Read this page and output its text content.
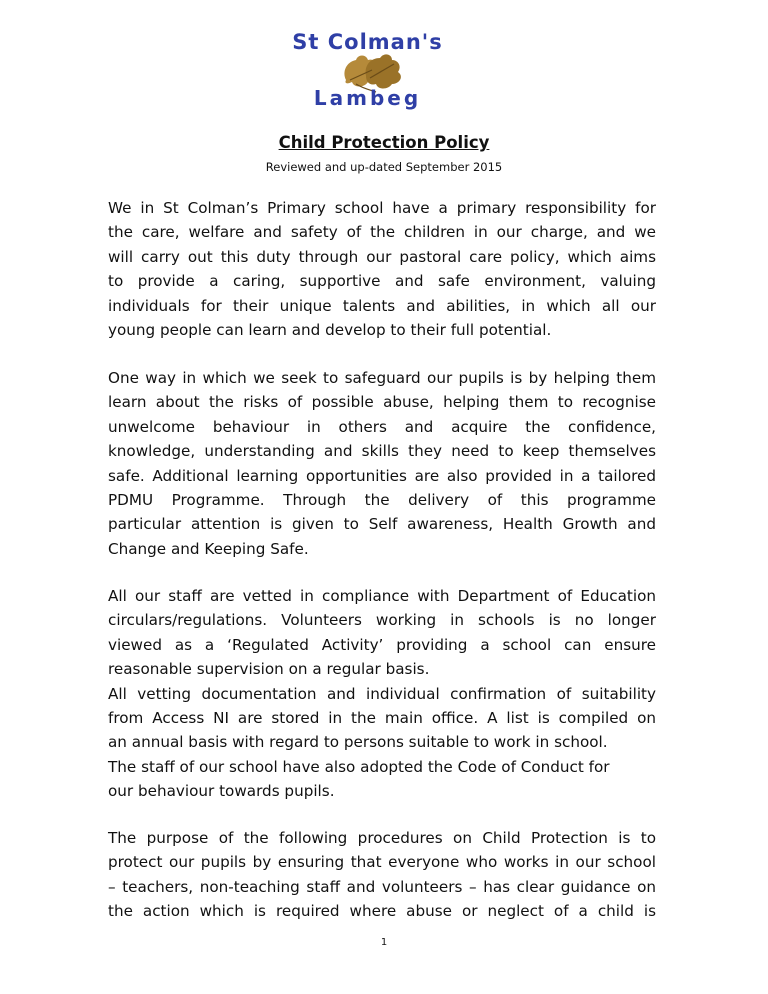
St Colman's
Lambeg
Child Protection Policy
Reviewed and up-dated September 2015
We in St Colman’s Primary school have a primary responsibility for
the care, welfare and safety of the children in our charge, and we
will carry out this duty through our pastoral care policy, which aims
to provide a caring, supportive and safe environment, valuing
individuals for their unique talents and abilities, in which all our
young people can learn and develop to their full potential.
One way in which we seek to safeguard our pupils is by helping them
learn about the risks of possible abuse, helping them to recognise
unwelcome behaviour in others and acquire the confidence,
knowledge, understanding and skills they need to keep themselves
safe. Additional learning opportunities are also provided in a tailored
PDMU Programme. Through the delivery of this programme
particular attention is given to Self awareness, Health Growth and
Change and Keeping Safe.
All our staff are vetted in compliance with Department of Education
circulars/regulations. Volunteers working in schools is no longer
viewed as a ‘Regulated Activity’ providing a school can ensure
reasonable supervision on a regular basis.
All vetting documentation and individual confirmation of suitability
from Access NI are stored in the main office. A list is compiled on
an annual basis with regard to persons suitable to work in school.
The staff of our school have also adopted the Code of Conduct for
our behaviour towards pupils.
The purpose of the following procedures on Child Protection is to
protect our pupils by ensuring that everyone who works in our school
– teachers, non-teaching staff and volunteers – has clear guidance on
the action which is required where abuse or neglect of a child is
1
